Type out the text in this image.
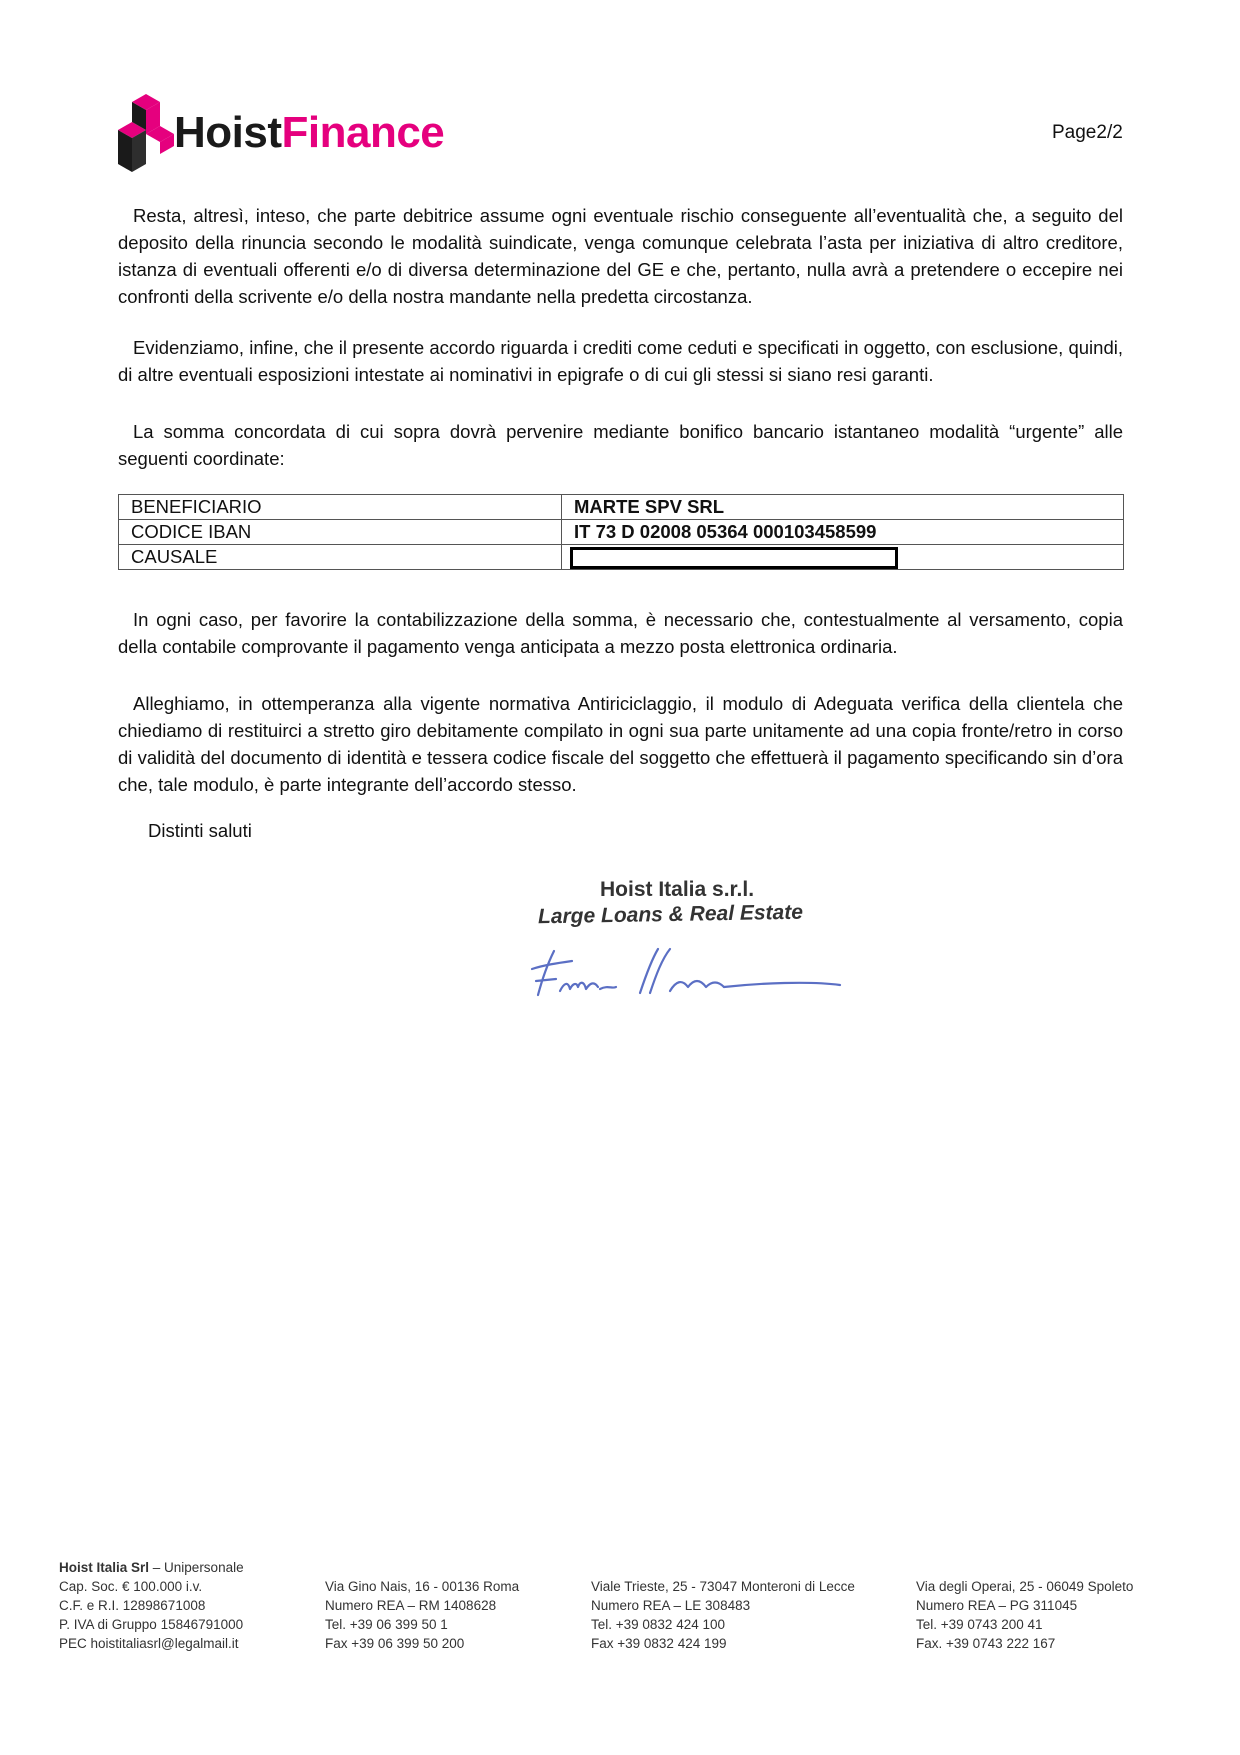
HoistFinance	Page2/2

Resta, altresì, inteso, che parte debitrice assume ogni eventuale rischio conseguente all’eventualità che, a seguito del deposito della rinuncia secondo le modalità suindicate, venga comunque celebrata l’asta per iniziativa di altro creditore, istanza di eventuali offerenti e/o di diversa determinazione del GE e che, pertanto, nulla avrà a pretendere o eccepire nei confronti della scrivente e/o della nostra mandante nella predetta circostanza.

Evidenziamo, infine, che il presente accordo riguarda i crediti come ceduti e specificati in oggetto, con esclusione, quindi, di altre eventuali esposizioni intestate ai nominativi in epigrafe o di cui gli stessi si siano resi garanti.

La somma concordata di cui sopra dovrà pervenire mediante bonifico bancario istantaneo modalità “urgente” alle seguenti coordinate:

BENEFICIARIO	MARTE SPV SRL
CODICE IBAN	IT 73 D 02008 05364 000103458599
CAUSALE	

In ogni caso, per favorire la contabilizzazione della somma, è necessario che, contestualmente al versamento, copia della contabile comprovante il pagamento venga anticipata a mezzo posta elettronica ordinaria.

Alleghiamo, in ottemperanza alla vigente normativa Antiriciclaggio, il modulo di Adeguata verifica della clientela che chiediamo di restituirci a stretto giro debitamente compilato in ogni sua parte unitamente ad una copia fronte/retro in corso di validità del documento di identità e tessera codice fiscale del soggetto che effettuerà il pagamento specificando sin d’ora che, tale modulo, è parte integrante dell’accordo stesso.

Distinti saluti
Hoist Italia s.r.l.
Large Loans & Real Estate
Hoist Italia Srl – Unipersonale
Cap. Soc. € 100.000 i.v.
C.F. e R.I. 12898671008
P. IVA di Gruppo 15846791000
PEC hoistitaliasrl@legalmail.it

Via Gino Nais, 16 - 00136 Roma
Numero REA – RM 1408628
Tel. +39 06 399 50 1
Fax +39 06 399 50 200

Viale Trieste, 25 - 73047 Monteroni di Lecce
Numero REA – LE 308483
Tel. +39 0832 424 100
Fax +39 0832 424 199

Via degli Operai, 25 - 06049 Spoleto
Numero REA – PG 311045
Tel. +39 0743 200 41
Fax. +39 0743 222 167
